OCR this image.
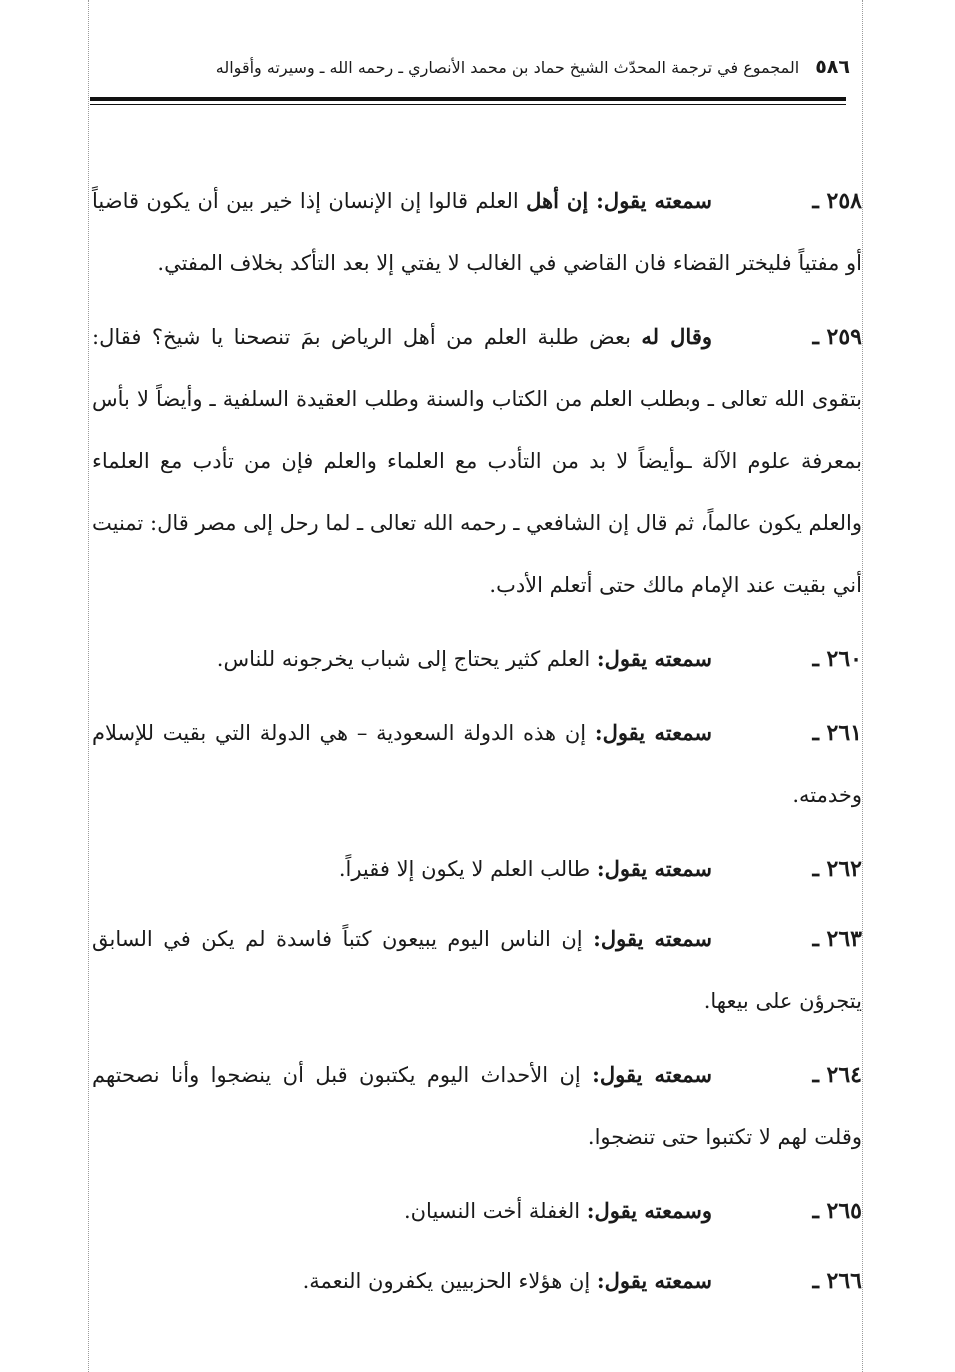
٥٨٦
المجموع في ترجمة المحدّث الشيخ حماد بن محمد الأنصاري ـ رحمه الله ـ وسيرته وأقواله

٢٥٨ ـسمعته يقول: إن أهل العلم قالوا إن الإنسان إذا خير بين أن يكون قاضياً أو مفتياً فليختر القضاء فان القاضي في الغالب لا يفتي إلا بعد التأكد بخلاف المفتي.

٢٥٩ ـوقال له بعض طلبة العلم من أهل الرياض بمَ تنصحنا يا شيخ؟ فقال: بتقوى الله تعالى ـ وبطلب العلم من الكتاب والسنة وطلب العقيدة السلفية ـ وأيضاً لا بأس بمعرفة علوم الآلة ـوأيضاً لا بد من التأدب مع العلماء والعلم فإن من تأدب مع العلماء والعلم يكون عالماً، ثم قال إن الشافعي ـ رحمه الله تعالى ـ لما رحل إلى مصر قال: تمنيت أني بقيت عند الإمام مالك حتى أتعلم الأدب.

٢٦٠ ـسمعته يقول: العلم كثير يحتاج إلى شباب يخرجونه للناس.

٢٦١ ـسمعته يقول: إن هذه الدولة السعودية – هي الدولة التي بقيت للإسلام وخدمته.

٢٦٢ ـسمعته يقول: طالب العلم لا يكون إلا فقيراً.

٢٦٣ ـسمعته يقول: إن الناس اليوم يبيعون كتباً فاسدة لم يكن في السابق يتجرؤن على بيعها.

٢٦٤ ـسمعته يقول: إن الأحداث اليوم يكتبون قبل أن ينضجوا وأنا نصحتهم وقلت لهم لا تكتبوا حتى تنضجوا.

٢٦٥ ـوسمعته يقول: الغفلة أخت النسيان.

٢٦٦ ـسمعته يقول: إن هؤلاء الحزبيين يكفرون النعمة.
